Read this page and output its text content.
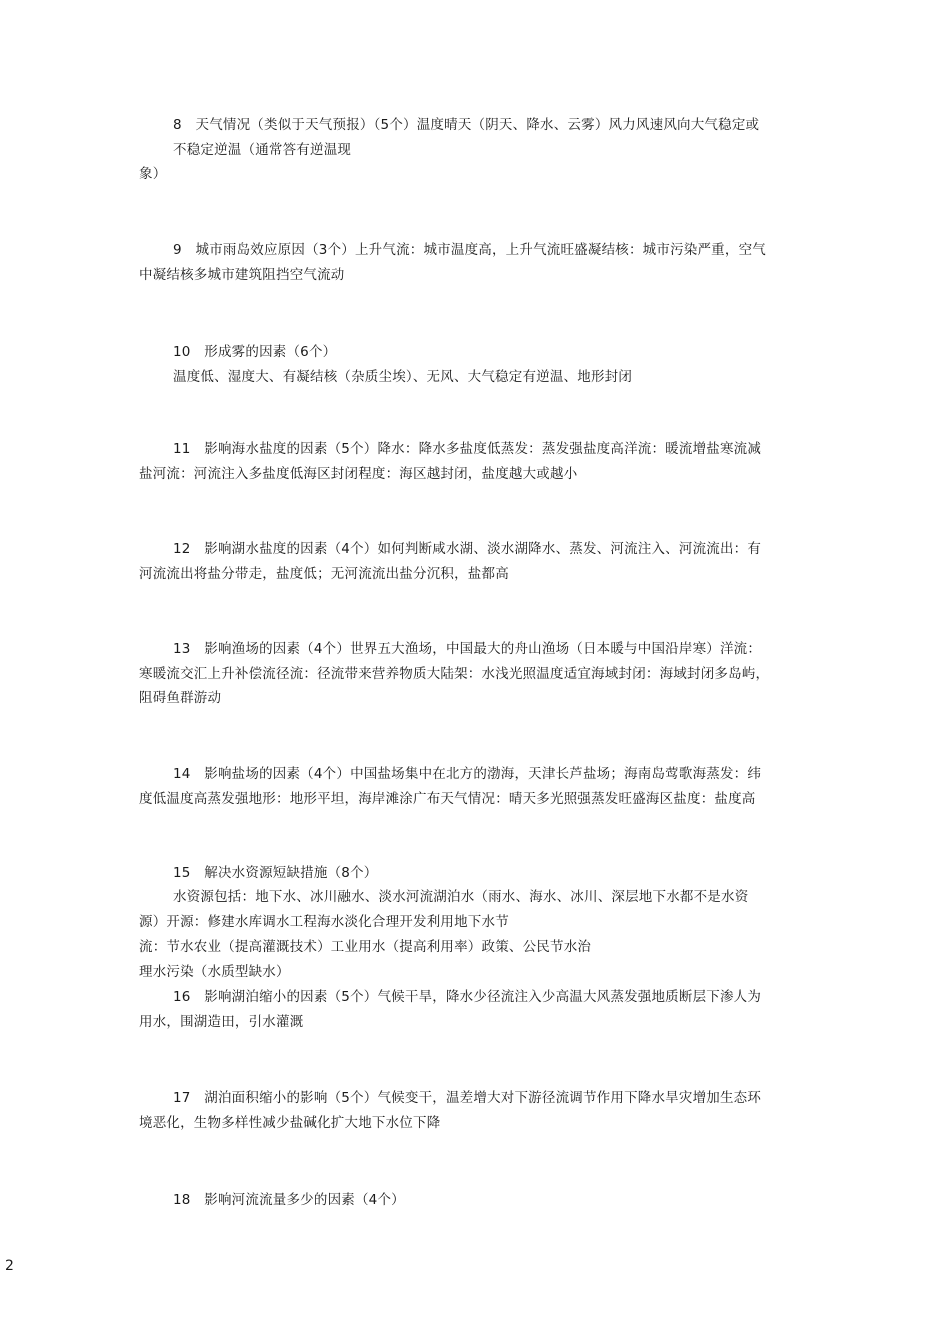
8　天气情况（类似于天气预报）（5个）温度晴天（阴天、降水、云雾）风力风速风向大气稳定或
不稳定逆温（通常答有逆温现
象）
9　城市雨岛效应原因（3个）上升气流：城市温度高，上升气流旺盛凝结核：城市污染严重，空气
中凝结核多城市建筑阻挡空气流动
10　形成雾的因素（6个）
温度低、湿度大、有凝结核（杂质尘埃）、无风、大气稳定有逆温、地形封闭
11　影响海水盐度的因素（5个）降水：降水多盐度低蒸发：蒸发强盐度高洋流：暖流增盐寒流减
盐河流：河流注入多盐度低海区封闭程度：海区越封闭，盐度越大或越小
12　影响湖水盐度的因素（4个）如何判断咸水湖、淡水湖降水、蒸发、河流注入、河流流出：有
河流流出将盐分带走，盐度低；无河流流出盐分沉积，盐都高
13　影响渔场的因素（4个）世界五大渔场，中国最大的舟山渔场（日本暖与中国沿岸寒）洋流：
寒暖流交汇上升补偿流径流：径流带来营养物质大陆架：水浅光照温度适宜海域封闭：海域封闭多岛屿，
阻碍鱼群游动
14　影响盐场的因素（4个）中国盐场集中在北方的渤海，天津长芦盐场；海南岛莺歌海蒸发：纬
度低温度高蒸发强地形：地形平坦，海岸滩涂广布天气情况：晴天多光照强蒸发旺盛海区盐度：盐度高
15　解决水资源短缺措施（8个）
水资源包括：地下水、冰川融水、淡水河流湖泊水（雨水、海水、冰川、深层地下水都不是水资
源）开源：修建水库调水工程海水淡化合理开发利用地下水节
流：节水农业（提高灌溉技术）工业用水（提高利用率）政策、公民节水治
理水污染（水质型缺水）
16　影响湖泊缩小的因素（5个）气候干旱，降水少径流注入少高温大风蒸发强地质断层下渗人为
用水，围湖造田，引水灌溉
17　湖泊面积缩小的影响（5个）气候变干，温差增大对下游径流调节作用下降水旱灾增加生态环
境恶化，生物多样性减少盐碱化扩大地下水位下降
18　影响河流流量多少的因素（4个）
2
